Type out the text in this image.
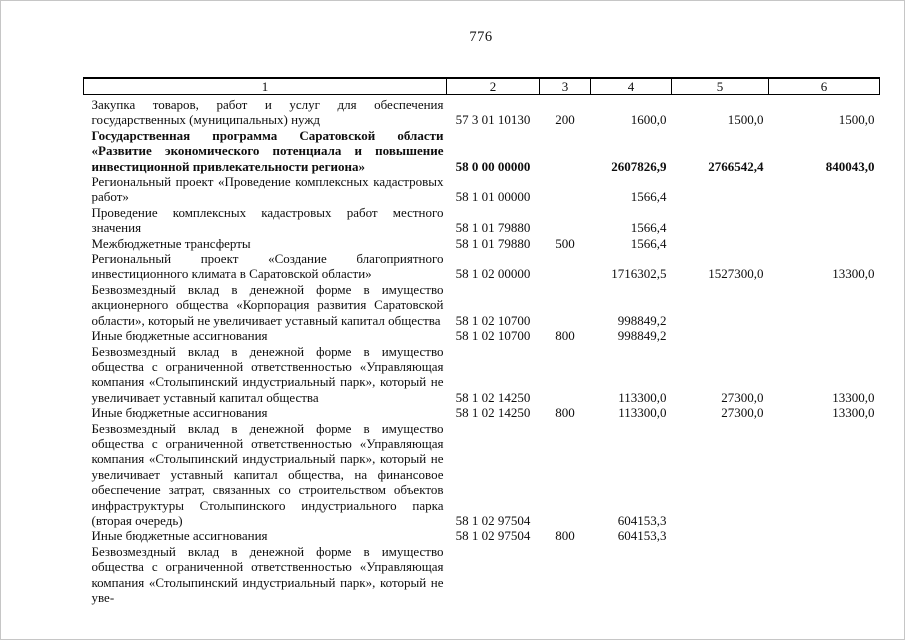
776
1	2	3	4	5	6
Закупка товаров, работ и услуг для обеспечения государственных (муниципальных) нужд	57 3 01 10130	200	1600,0	1500,0	1500,0
Государственная программа Саратовской области «Развитие экономического потенциала и повышение инвестиционной привлекательности региона»	58 0 00 00000		2607826,9	2766542,4	840043,0
Региональный проект «Проведение комплексных кадастровых работ»	58 1 01 00000		1566,4		
Проведение комплексных кадастровых работ местного значения	58 1 01 79880		1566,4		
Межбюджетные трансферты	58 1 01 79880	500	1566,4		
Региональный проект «Создание благоприятного инвестиционного климата в Саратовской области»	58 1 02 00000		1716302,5	1527300,0	13300,0
Безвозмездный вклад в денежной форме в имущество акционерного общества «Корпорация развития Саратовской области», который не увеличивает уставный капитал общества	58 1 02 10700		998849,2		
Иные бюджетные ассигнования	58 1 02 10700	800	998849,2		
Безвозмездный вклад в денежной форме в имущество общества с ограниченной ответственностью «Управляющая компания «Столыпинский индустриальный парк», который не увеличивает уставный капитал общества	58 1 02 14250		113300,0	27300,0	13300,0
Иные бюджетные ассигнования	58 1 02 14250	800	113300,0	27300,0	13300,0
Безвозмездный вклад в денежной форме в имущество общества с ограниченной ответственностью «Управляющая компания «Столыпинский индустриальный парк», который не увеличивает уставный капитал общества, на финансовое обеспечение затрат, связанных со строительством объектов инфраструктуры Столыпинского индустриального парка (вторая очередь)	58 1 02 97504		604153,3		
Иные бюджетные ассигнования	58 1 02 97504	800	604153,3		
Безвозмездный вклад в денежной форме в имущество общества с ограниченной ответственностью «Управляющая компания «Столыпинский индустриальный парк», который не уве-					
